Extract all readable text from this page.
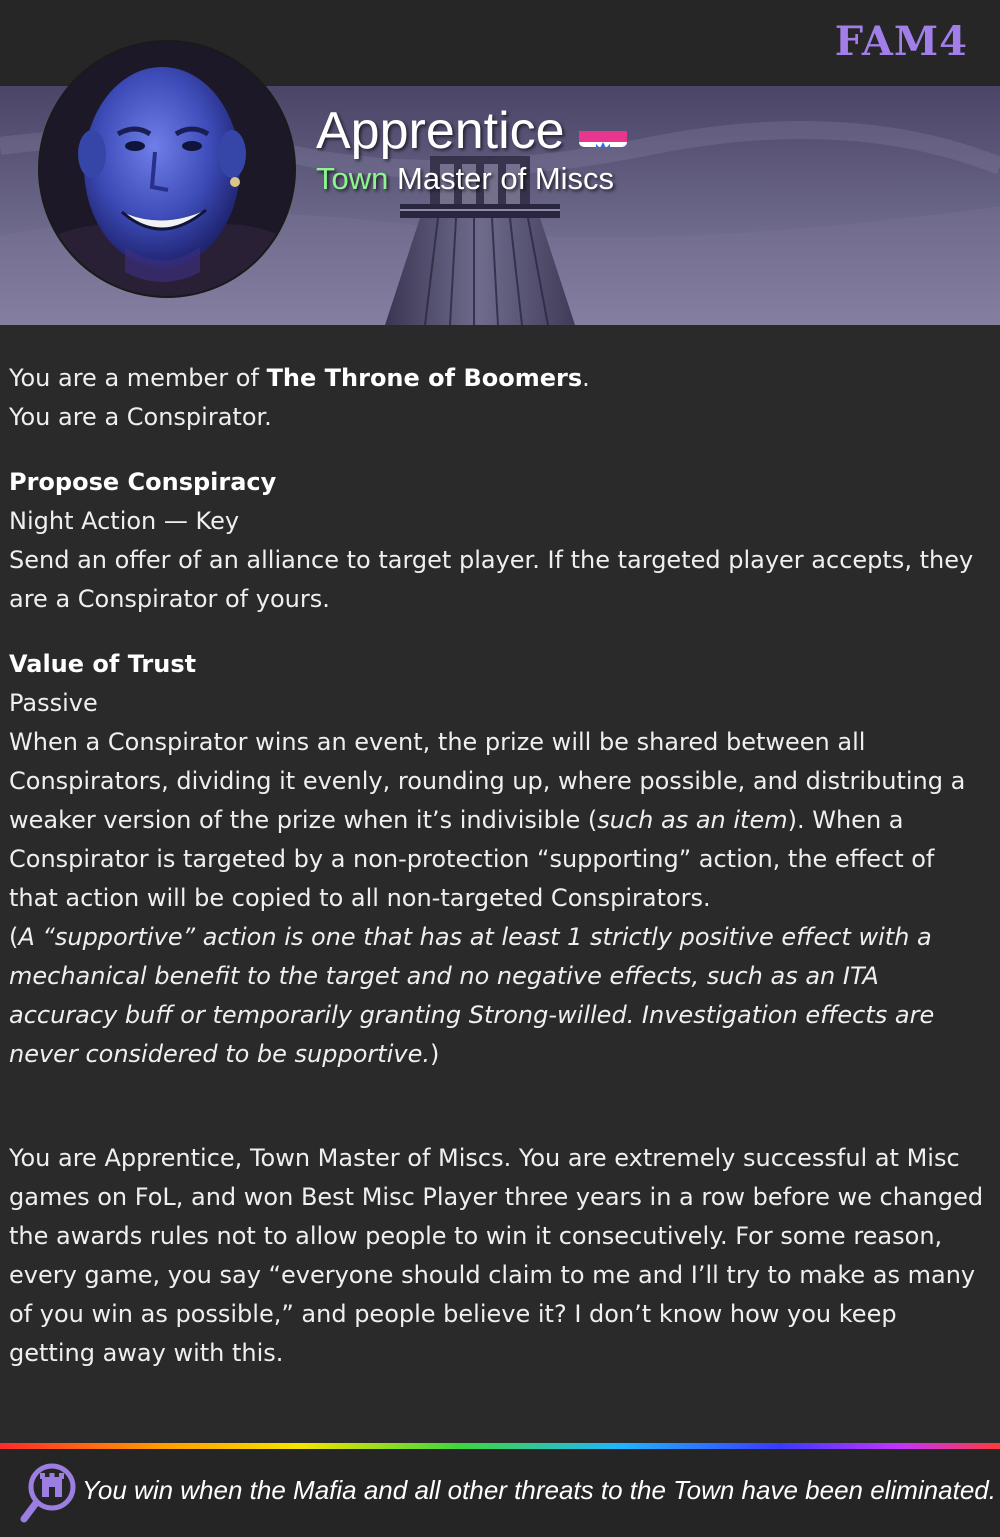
FAM4
Apprentice
Town Master of Miscs

You are a member of The Throne of Boomers.

You are a Conspirator.

Propose Conspiracy

Night Action — Key

Send an offer of an alliance to target player. If the targeted player accepts, they are a Conspirator of yours.

Value of Trust

Passive

When a Conspirator wins an event, the prize will be shared between all Conspirators, dividing it evenly, rounding up, where possible, and distributing a weaker version of the prize when it’s indivisible (such as an item). When a Conspirator is targeted by a non-protection “supporting” action, the effect of that action will be copied to all non-targeted Conspirators.

(A “supportive” action is one that has at least 1 strictly positive effect with a mechanical benefit to the target and no negative effects, such as an ITA accuracy buff or temporarily granting Strong-willed. Investigation effects are never considered to be supportive.)

You are Apprentice, Town Master of Miscs. You are extremely successful at Misc games on FoL, and won Best Misc Player three years in a row before we changed the awards rules not to allow people to win it consecutively. For some reason, every game, you say “everyone should claim to me and I’ll try to make as many of you win as possible,” and people believe it? I don’t know how you keep getting away with this.

You win when the Mafia and all other threats to the Town have been eliminated.
